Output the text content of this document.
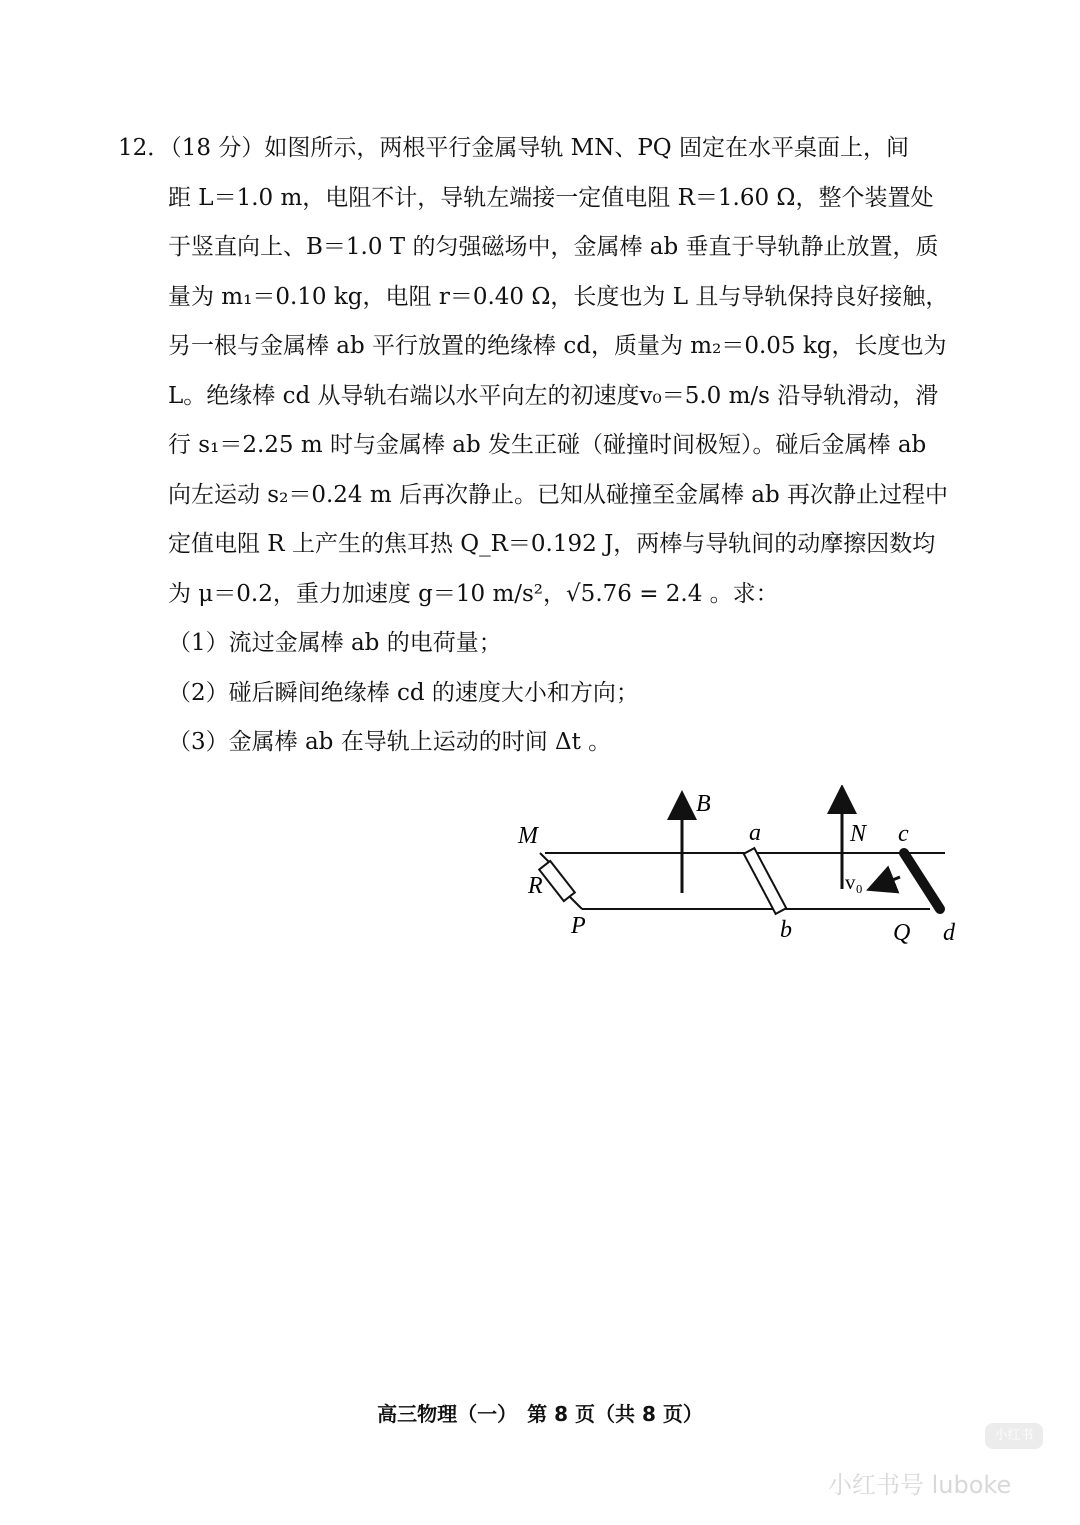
12．（18 分）如图所示，两根平行金属导轨 MN、PQ 固定在水平桌面上，间
距 L＝1.0 m，电阻不计，导轨左端接一定值电阻 R＝1.60 Ω，整个装置处
于竖直向上、B＝1.0 T 的匀强磁场中，金属棒 ab 垂直于导轨静止放置，质
量为 m₁＝0.10 kg，电阻 r＝0.40 Ω，长度也为 L 且与导轨保持良好接触，
另一根与金属棒 ab 平行放置的绝缘棒 cd，质量为 m₂＝0.05 kg，长度也为
L。绝缘棒 cd 从导轨右端以水平向左的初速度v₀＝5.0 m/s 沿导轨滑动，滑
行 s₁＝2.25 m 时与金属棒 ab 发生正碰（碰撞时间极短）。碰后金属棒 ab
向左运动 s₂＝0.24 m 后再次静止。已知从碰撞至金属棒 ab 再次静止过程中
定值电阻 R 上产生的焦耳热 Q_R＝0.192 J，两棒与导轨间的动摩擦因数均
为 μ＝0.2，重力加速度 g＝10 m/s²，√5.76 = 2.4 。求：
（1）流过金属棒 ab 的电荷量；
（2）碰后瞬间绝缘棒 cd 的速度大小和方向；
（3）金属棒 ab 在导轨上运动的时间 Δt 。
M
R
P
B
a
b
N c
v₀
Q d
高三物理（一）　第 8 页（共 8 页）
小红书
小红书号 luboke
